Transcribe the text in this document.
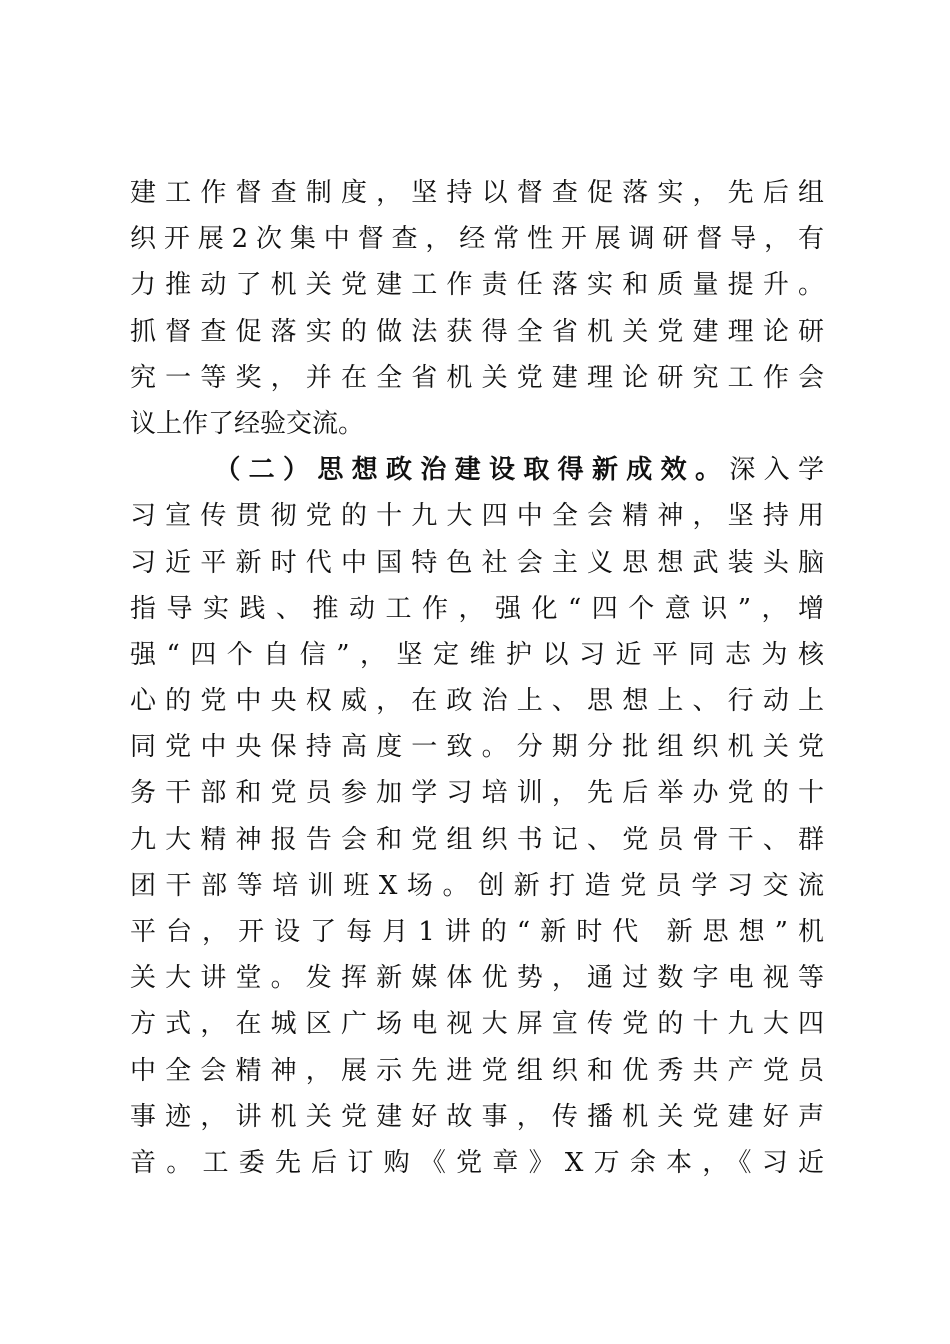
建工作督查制度，坚持以督查促落实，先后组
织开展2次集中督查，经常性开展调研督导，有
力推动了机关党建工作责任落实和质量提升。
抓督查促落实的做法获得全省机关党建理论研
究一等奖，并在全省机关党建理论研究工作会
议上作了经验交流。
（二）思想政治建设取得新成效。深入学
习宣传贯彻党的十九大四中全会精神，坚持用
习近平新时代中国特色社会主义思想武装头脑
指导实践、推动工作，强化“四个意识”，增
强“四个自信”，坚定维护以习近平同志为核
心的党中央权威，在政治上、思想上、行动上
同党中央保持高度一致。分期分批组织机关党
务干部和党员参加学习培训，先后举办党的十
九大精神报告会和党组织书记、党员骨干、群
团干部等培训班X场。创新打造党员学习交流
平台，开设了每月1讲的“新时代 新思想”机
关大讲堂。发挥新媒体优势，通过数字电视等
方式，在城区广场电视大屏宣传党的十九大四
中全会精神，展示先进党组织和优秀共产党员
事迹，讲机关党建好故事，传播机关党建好声
音。工委先后订购《党章》X万余本，《习近
